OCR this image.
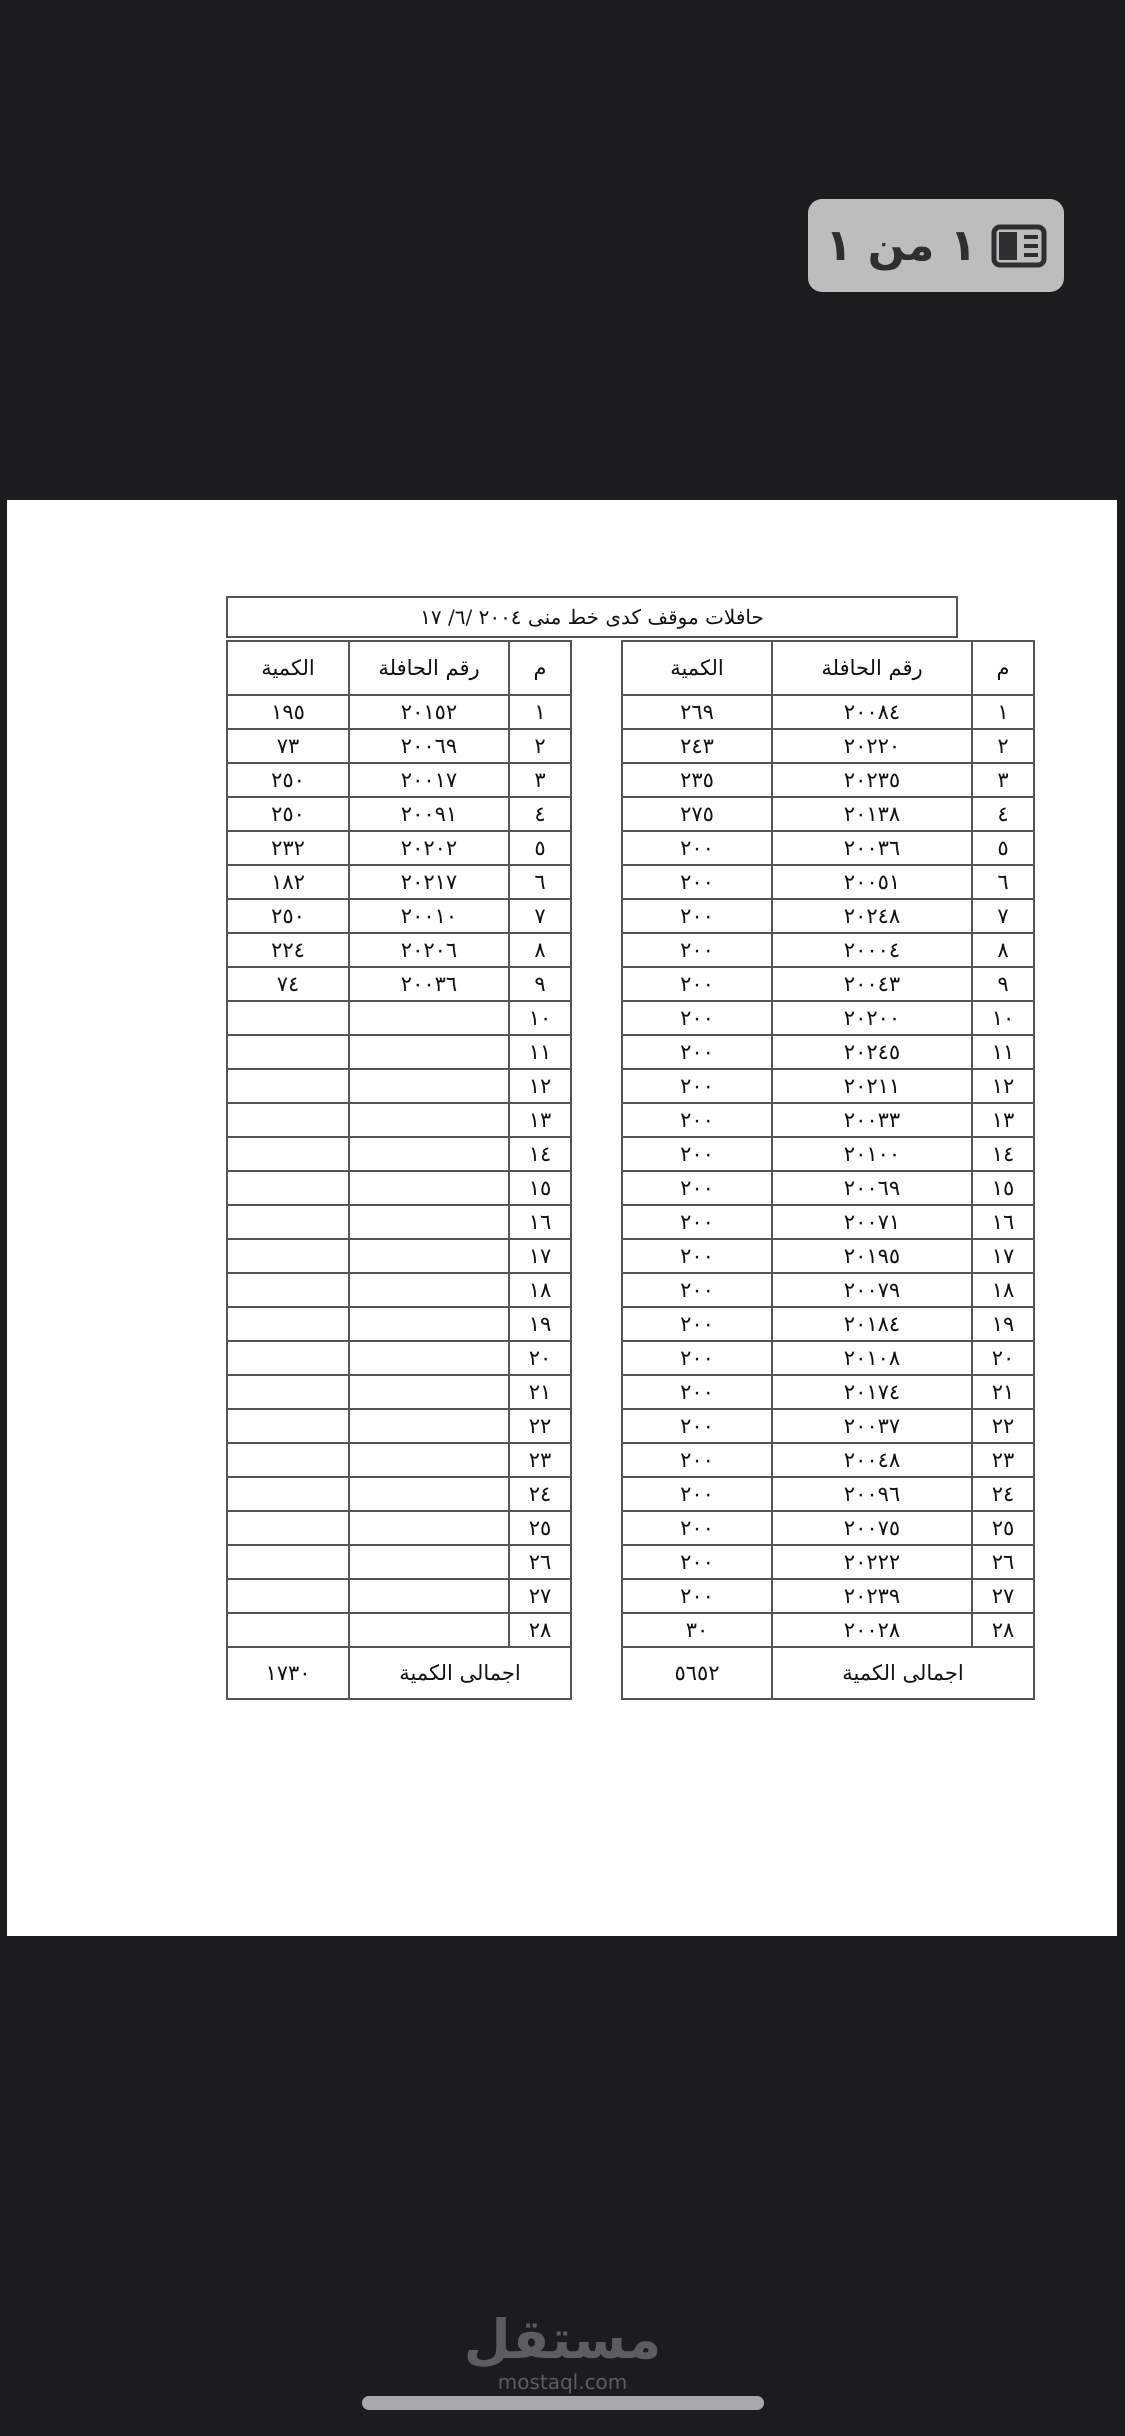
١ من ١
حافلات موقف كدى خط منى ٢٠٠٤ /٦/ ١٧
م	رقم الحافلة	الكمية
١	٢٠٠٨٤	٢٦٩
٢	٢٠٢٢٠	٢٤٣
٣	٢٠٢٣٥	٢٣٥
٤	٢٠١٣٨	٢٧٥
٥	٢٠٠٣٦	٢٠٠
٦	٢٠٠٥١	٢٠٠
٧	٢٠٢٤٨	٢٠٠
٨	٢٠٠٠٤	٢٠٠
٩	٢٠٠٤٣	٢٠٠
١٠	٢٠٢٠٠	٢٠٠
١١	٢٠٢٤٥	٢٠٠
١٢	٢٠٢١١	٢٠٠
١٣	٢٠٠٣٣	٢٠٠
١٤	٢٠١٠٠	٢٠٠
١٥	٢٠٠٦٩	٢٠٠
١٦	٢٠٠٧١	٢٠٠
١٧	٢٠١٩٥	٢٠٠
١٨	٢٠٠٧٩	٢٠٠
١٩	٢٠١٨٤	٢٠٠
٢٠	٢٠١٠٨	٢٠٠
٢١	٢٠١٧٤	٢٠٠
٢٢	٢٠٠٣٧	٢٠٠
٢٣	٢٠٠٤٨	٢٠٠
٢٤	٢٠٠٩٦	٢٠٠
٢٥	٢٠٠٧٥	٢٠٠
٢٦	٢٠٢٢٢	٢٠٠
٢٧	٢٠٢٣٩	٢٠٠
٢٨	٢٠٠٢٨	٣٠
اجمالى الكمية		٥٦٥٢
م	رقم الحافلة	الكمية
١	٢٠١٥٢	١٩٥
٢	٢٠٠٦٩	٧٣
٣	٢٠٠١٧	٢٥٠
٤	٢٠٠٩١	٢٥٠
٥	٢٠٢٠٢	٢٣٢
٦	٢٠٢١٧	١٨٢
٧	٢٠٠١٠	٢٥٠
٨	٢٠٢٠٦	٢٢٤
٩	٢٠٠٣٦	٧٤
١٠		
١١		
١٢		
١٣		
١٤		
١٥		
١٦		
١٧		
١٨		
١٩		
٢٠		
٢١		
٢٢		
٢٣		
٢٤		
٢٥		
٢٦		
٢٧		
٢٨		
اجمالى الكمية		١٧٣٠
مستقل
mostaql.com
